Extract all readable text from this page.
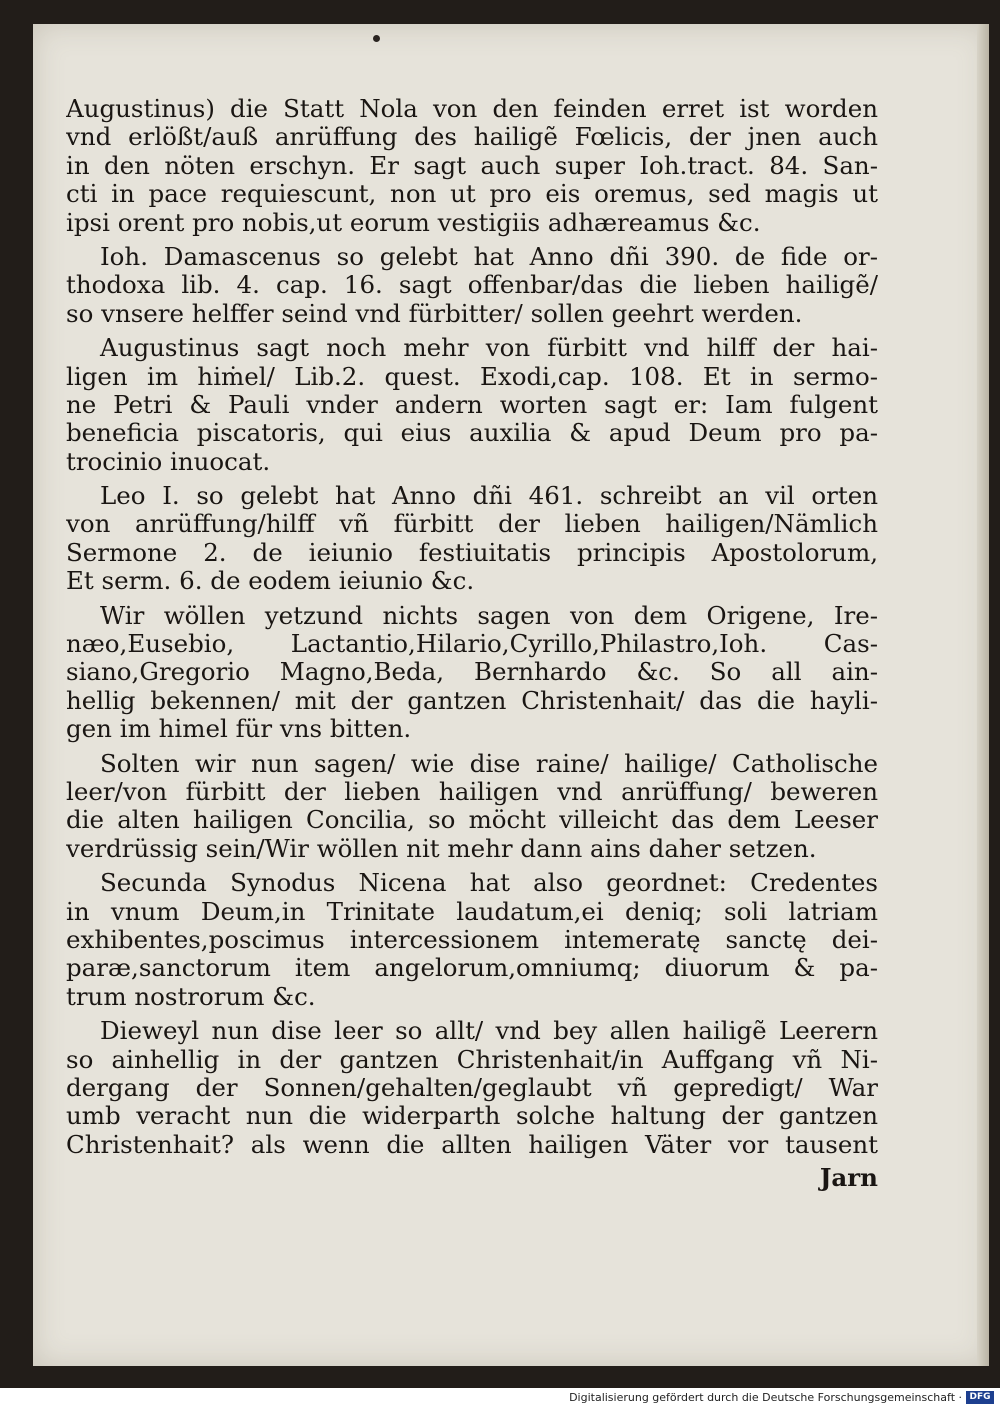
Augustinus) die Statt Nola von den feinden erret ist worden
vnd erlößt/auß anrüffung des hailigẽ Fœlicis, der jnen auch
in den nöten erschyn. Er sagt auch super Ioh.tract. 84. San-
cti in pace requiescunt, non ut pro eis oremus, sed magis ut
ipsi orent pro nobis,ut eorum vestigiis adhæreamus &c.
Ioh. Damascenus so gelebt hat Anno dñi 390. de fide or-
thodoxa lib. 4. cap. 16. sagt offenbar/das die lieben hailigẽ/
so vnsere helffer seind vnd fürbitter/ sollen geehrt werden.
Augustinus sagt noch mehr von fürbitt vnd hilff der hai-
ligen im hiṁel/ Lib.2. quest. Exodi,cap. 108. Et in sermo-
ne Petri & Pauli vnder andern worten sagt er: Iam fulgent
beneficia piscatoris, qui eius auxilia & apud Deum pro pa-
trocinio inuocat.
Leo I. so gelebt hat Anno dñi 461. schreibt an vil orten
von anrüffung/hilff vñ fürbitt der lieben hailigen/Nämlich
Sermone 2. de ieiunio festiuitatis principis Apostolorum,
Et serm. 6. de eodem ieiunio &c.
Wir wöllen yetzund nichts sagen von dem Origene, Ire-
næo,Eusebio, Lactantio,Hilario,Cyrillo,Philastro,Ioh. Cas-
siano,Gregorio Magno,Beda, Bernhardo &c. So all ain-
hellig bekennen/ mit der gantzen Christenhait/ das die hayli-
gen im himel für vns bitten.
Solten wir nun sagen/ wie dise raine/ hailige/ Catholische
leer/von fürbitt der lieben hailigen vnd anrüffung/ beweren
die alten hailigen Concilia, so möcht villeicht das dem Leeser
verdrüssig sein/Wir wöllen nit mehr dann ains daher setzen.
Secunda Synodus Nicena hat also geordnet: Credentes
in vnum Deum,in Trinitate laudatum,ei deniq; soli latriam
exhibentes,poscimus intercessionem intemeratę sanctę dei-
paræ,sanctorum item angelorum,omniumq; diuorum & pa-
trum nostrorum &c.
Dieweyl nun dise leer so allt/ vnd bey allen hailigẽ Leerern
so ainhellig in der gantzen Christenhait/in Auffgang vñ Ni-
dergang der Sonnen/gehalten/geglaubt vñ gepredigt/ War
umb veracht nun die widerparth solche haltung der gantzen
Christenhait? als wenn die allten hailigen Väter vor tausent
Jarn
Digitalisierung gefördert durch die Deutsche Forschungsgemeinschaft · DFG
